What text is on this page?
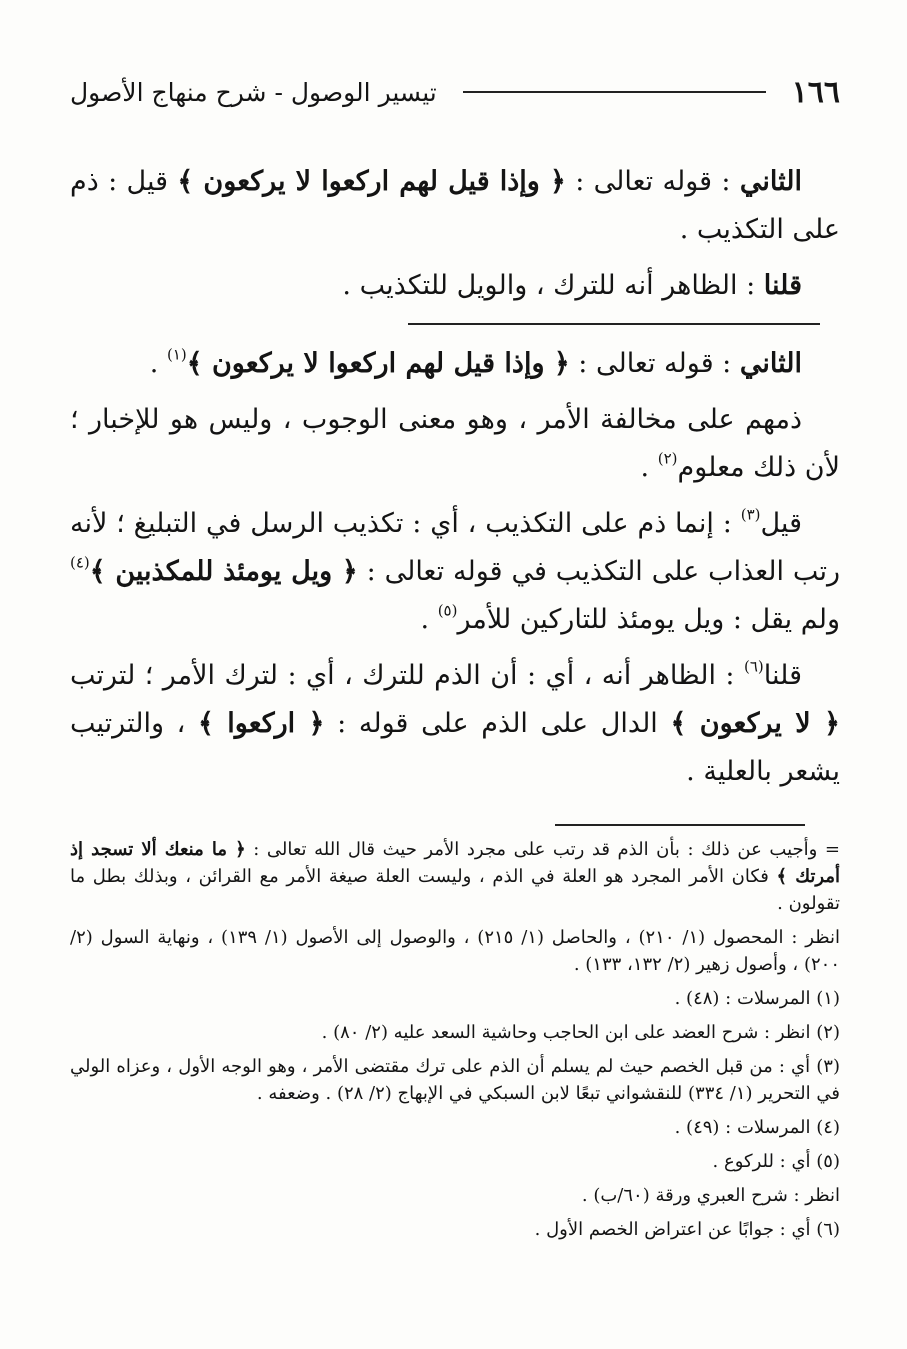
١٦٦
تيسير الوصول - شرح منهاج الأصول

الثاني : قوله تعالى : ﴿ وإذا قيل لهم اركعوا لا يركعون ﴾ قيل : ذم على التكذيب .

قلنا : الظاهر أنه للترك ، والويل للتكذيب .

الثاني : قوله تعالى : ﴿ وإذا قيل لهم اركعوا لا يركعون ﴾$^{(١)}$ .

ذمهم على مخالفة الأمر ، وهو معنى الوجوب ، وليس هو للإخبار ؛ لأن ذلك معلوم$^{(٢)}$ .

قيل$^{(٣)}$ : إنما ذم على التكذيب ، أي : تكذيب الرسل في التبليغ ؛ لأنه رتب العذاب على التكذيب في قوله تعالى : ﴿ ويل يومئذ للمكذبين ﴾$^{(٤)}$ ولم يقل : ويل يومئذ للتاركين للأمر$^{(٥)}$ .

قلنا$^{(٦)}$ : الظاهر أنه ، أي : أن الذم للترك ، أي : لترك الأمر ؛ لترتب ﴿ لا يركعون ﴾ الدال على الذم على قوله : ﴿ اركعوا ﴾ ، والترتيب يشعر بالعلية .

= وأجيب عن ذلك : بأن الذم قد رتب على مجرد الأمر حيث قال الله تعالى : ﴿ ما منعك ألا تسجد إذ أمرتك ﴾ فكان الأمر المجرد هو العلة في الذم ، وليست العلة صيغة الأمر مع القرائن ، وبذلك بطل ما تقولون .

انظر : المحصول (١/ ٢١٠) ، والحاصل (١/ ٢١٥) ، والوصول إلى الأصول (١/ ١٣٩) ، ونهاية السول (٢/ ٢٠٠) ، وأصول زهير (٢/ ١٣٢، ١٣٣) .

(١) المرسلات : (٤٨) .

(٢) انظر : شرح العضد على ابن الحاجب وحاشية السعد عليه (٢/ ٨٠) .

(٣) أي : من قبل الخصم حيث لم يسلم أن الذم على ترك مقتضى الأمر ، وهو الوجه الأول ، وعزاه الولي في التحرير (١/ ٣٣٤) للنقشواني تبعًا لابن السبكي في الإبهاج (٢/ ٢٨) . وضعفه .

(٤) المرسلات : (٤٩) .

(٥) أي : للركوع .

انظر : شرح العبري ورقة (٦٠/ب) .

(٦) أي : جوابًا عن اعتراض الخصم الأول .
